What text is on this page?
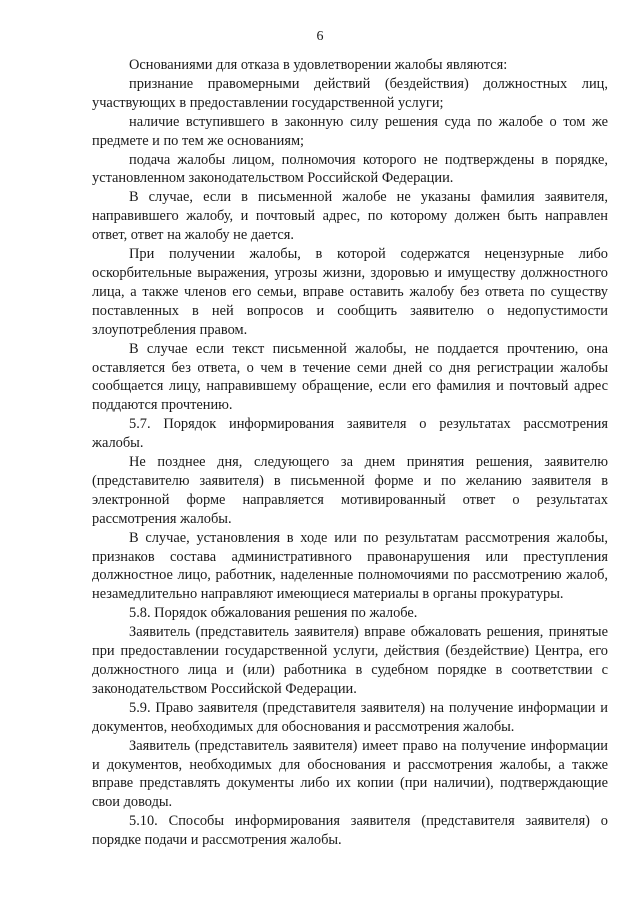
6

Основаниями для отказа в удовлетворении жалобы являются:

признание правомерными действий (бездействия) должностных лиц, участвующих в предоставлении государственной услуги;

наличие вступившего в законную силу решения суда по жалобе о том же предмете и по тем же основаниям;

подача жалобы лицом, полномочия которого не подтверждены в порядке, установленном законодательством Российской Федерации.

В случае, если в письменной жалобе не указаны фамилия заявителя, направившего жалобу, и почтовый адрес, по которому должен быть направлен ответ, ответ на жалобу не дается.

При получении жалобы, в которой содержатся нецензурные либо оскорбительные выражения, угрозы жизни, здоровью и имуществу должностного лица, а также членов его семьи, вправе оставить жалобу без ответа по существу поставленных в ней вопросов и сообщить заявителю о недопустимости злоупотребления правом.

В случае если текст письменной жалобы, не поддается прочтению, она оставляется без ответа, о чем в течение семи дней со дня регистрации жалобы сообщается лицу, направившему обращение, если его фамилия и почтовый адрес поддаются прочтению.

5.7. Порядок информирования заявителя о результатах рассмотрения жалобы.

Не позднее дня, следующего за днем принятия решения, заявителю (представителю заявителя) в письменной форме и по желанию заявителя в электронной форме направляется мотивированный ответ о результатах рассмотрения жалобы.

В случае, установления в ходе или по результатам рассмотрения жалобы, признаков состава административного правонарушения или преступления должностное лицо, работник, наделенные полномочиями по рассмотрению жалоб, незамедлительно направляют имеющиеся материалы в органы прокуратуры.

5.8. Порядок обжалования решения по жалобе.

Заявитель (представитель заявителя) вправе обжаловать решения, принятые при предоставлении государственной услуги, действия (бездействие) Центра, его должностного лица и (или) работника в судебном порядке в соответствии с законодательством Российской Федерации.

5.9. Право заявителя (представителя заявителя) на получение информации и документов, необходимых для обоснования и рассмотрения жалобы.

Заявитель (представитель заявителя) имеет право на получение информации и документов, необходимых для обоснования и рассмотрения жалобы, а также вправе представлять документы либо их копии (при наличии), подтверждающие свои доводы.

5.10. Способы информирования заявителя (представителя заявителя) о порядке подачи и рассмотрения жалобы.
